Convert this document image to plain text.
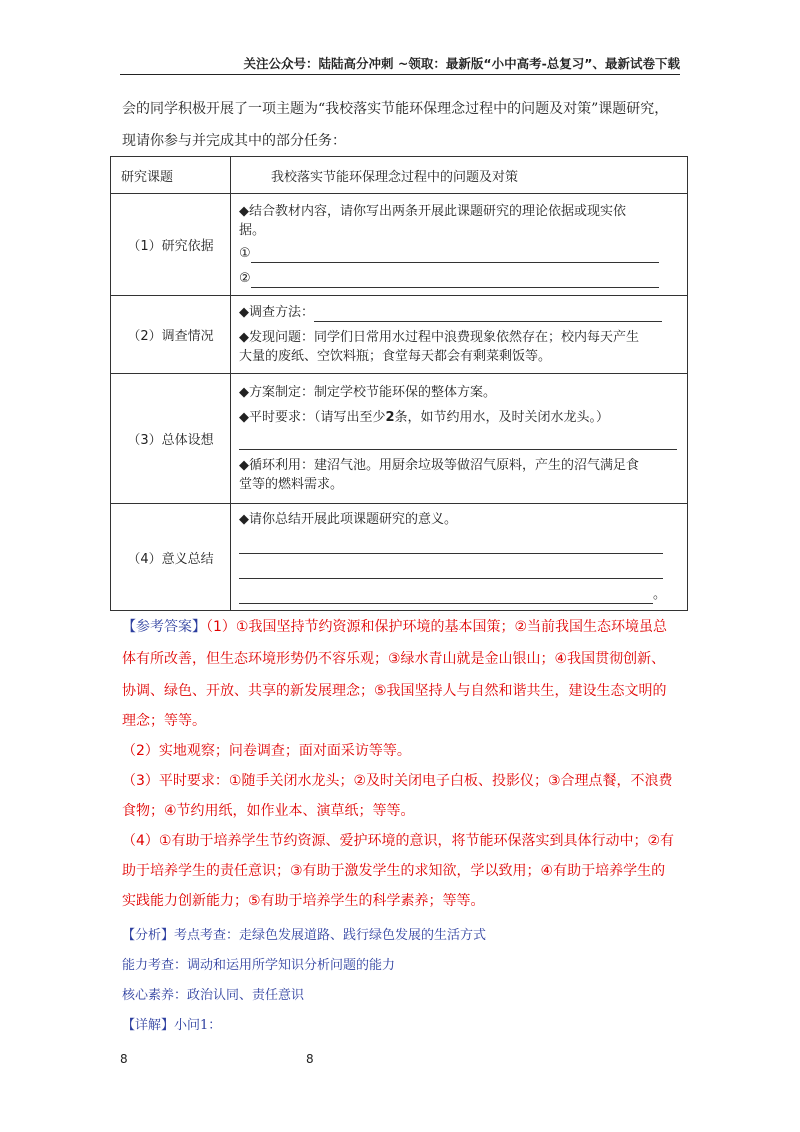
关注公众号：陆陆高分冲刺 ~领取：最新版“小中高考-总复习”、最新试卷下载
会的同学积极开展了一项主题为“我校落实节能环保理念过程中的问题及对策”课题研究，
现请你参与并完成其中的部分任务：
研究课题	我校落实节能环保理念过程中的问题及对策
（1）研究依据	◆结合教材内容，请你写出两条开展此课题研究的理论依据或现实依

据。

①

②

（2）调查情况	◆调查方法：

◆发现问题：同学们日常用水过程中浪费现象依然存在；校内每天产生

大量的废纸、空饮料瓶；食堂每天都会有剩菜剩饭等。

（3）总体设想	◆方案制定：制定学校节能环保的整体方案。

◆平时要求：（请写出至少2条，如节约用水，及时关闭水龙头。）

◆循环利用：建沼气池。用厨余垃圾等做沼气原料，产生的沼气满足食

堂等的燃料需求。

（4）意义总结	◆请你总结开展此项课题研究的意义。

。

【参考答案】（1）①我国坚持节约资源和保护环境的基本国策；②当前我国生态环境虽总
体有所改善，但生态环境形势仍不容乐观；③绿水青山就是金山银山；④我国贯彻创新、
协调、绿色、开放、共享的新发展理念；⑤我国坚持人与自然和谐共生，建设生态文明的
理念；等等。
（2）实地观察；问卷调查；面对面采访等等。
（3）平时要求：①随手关闭水龙头；②及时关闭电子白板、投影仪；③合理点餐，不浪费
食物；④节约用纸，如作业本、演草纸；等等。
（4）①有助于培养学生节约资源、爱护环境的意识，将节能环保落实到具体行动中；②有
助于培养学生的责任意识；③有助于激发学生的求知欲，学以致用；④有助于培养学生的
实践能力创新能力；⑤有助于培养学生的科学素养；等等。
【分析】考点考查：走绿色发展道路、践行绿色发展的生活方式
能力考查：调动和运用所学知识分析问题的能力
核心素养：政治认同、责任意识
【详解】小问1：
8	8
